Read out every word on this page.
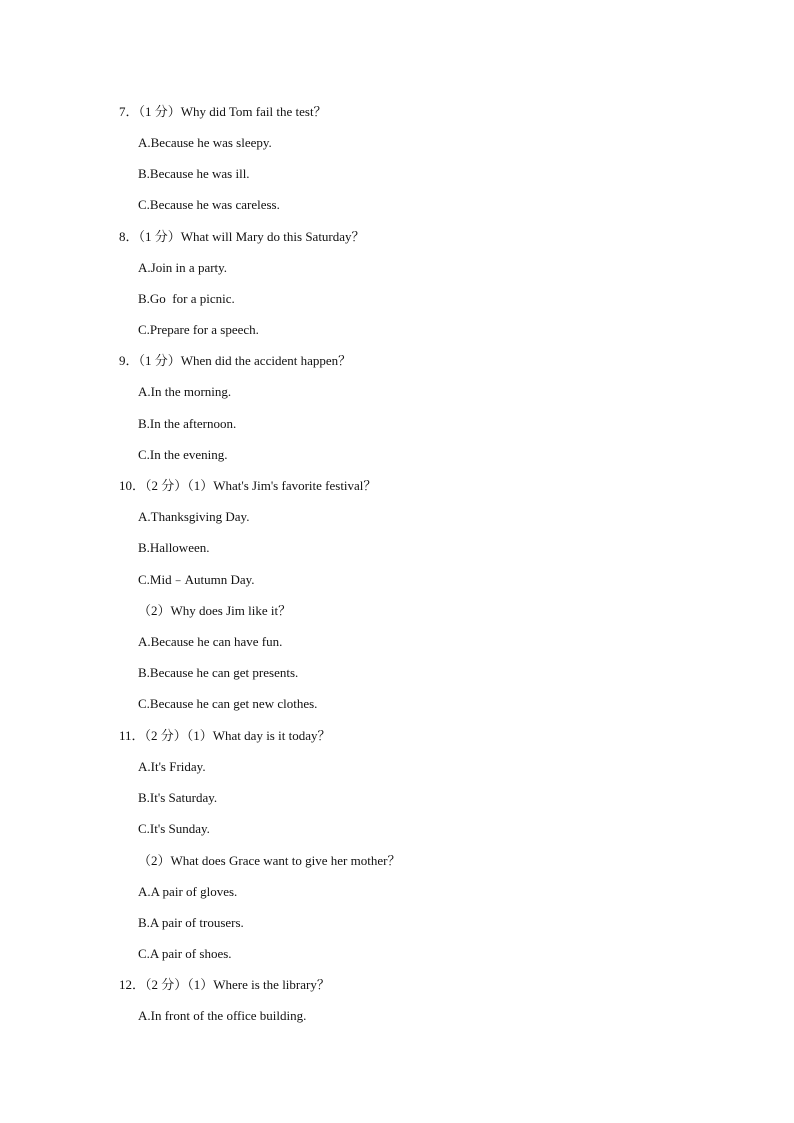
7．（1 分）Why did Tom fail the test？
A.Because he was sleepy.
B.Because he was ill.
C.Because he was careless.
8．（1 分）What will Mary do this Saturday？
A.Join in a party.
B.Go  for a picnic.
C.Prepare for a speech.
9．（1 分）When did the accident happen？
A.In the morning.
B.In the afternoon.
C.In the evening.
10．（2 分）（1）What's Jim's favorite festival？
A.Thanksgiving Day.
B.Halloween.
C.Mid﹣Autumn Day.
（2）Why does Jim like it？
A.Because he can have fun.
B.Because he can get presents.
C.Because he can get new clothes.
11．（2 分）（1）What day is it today？
A.It's Friday.
B.It's Saturday.
C.It's Sunday.
（2）What does Grace want to give her mother？
A.A pair of gloves.
B.A pair of trousers.
C.A pair of shoes.
12．（2 分）（1）Where is the library？
A.In front of the office building.
